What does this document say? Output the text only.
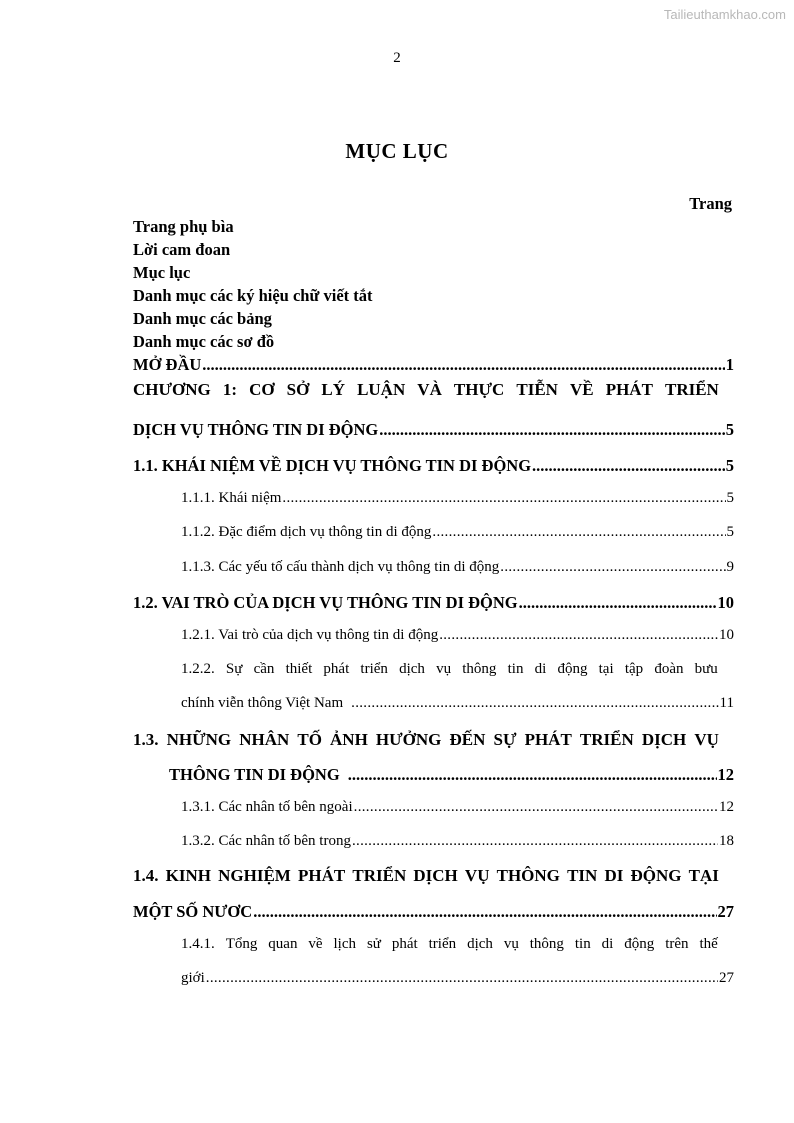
Tailieuthamkhao.com
2
MỤC LỤC
Trang
Trang phụ bìa
Lời cam đoan
Mục lục
Danh mục các ký hiệu chữ viết tắt
Danh mục các bảng
Danh mục các sơ đồ
MỞ ĐẦU .....	1
CHƯƠNG 1: CƠ SỞ LÝ LUẬN VÀ THỰC TIỄN VỀ PHÁT TRIỂN
DỊCH VỤ THÔNG TIN DI ĐỘNG .....	5
1.1. KHÁI NIỆM VỀ DỊCH VỤ THÔNG TIN DI ĐỘNG .....	5
1.1.1. Khái niệm .....	5
1.1.2. Đặc điểm dịch vụ thông tin di động .....	5
1.1.3. Các yếu tố cấu thành dịch vụ thông tin di động .....	9
1.2. VAI TRÒ CỦA DỊCH VỤ THÔNG TIN DI ĐỘNG .....	10
1.2.1. Vai trò của dịch vụ thông tin di động .....	10
1.2.2. Sự cần thiết phát triển dịch vụ thông tin di động tại tập đoàn bưu
chính viễn thông Việt Nam .....	11
1.3. NHỮNG NHÂN TỐ ẢNH HƯỞNG ĐẾN SỰ PHÁT TRIỂN DỊCH VỤ
THÔNG TIN DI ĐỘNG .....	12
1.3.1. Các nhân tố bên ngoài .....	12
1.3.2. Các nhân tố bên trong .....	18
1.4. KINH NGHIỆM PHÁT TRIỂN DỊCH VỤ THÔNG TIN DI ĐỘNG TẠI
MỘT SỐ NƯƠC .....	27
1.4.1. Tổng quan về lịch sử phát triển dịch vụ thông tin di động trên thế
giới .....	27
